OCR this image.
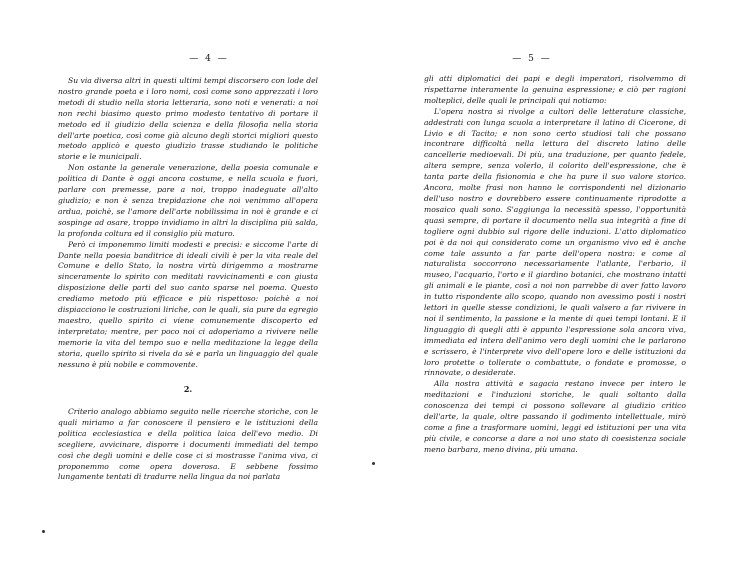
— 4 —

Su via diversa altri in questi ultimi tempi discorsero con lode del nostro grande poeta e i loro nomi, così come sono apprezzati i loro metodi di studio nella storia letteraria, sono noti e venerati: a noi non rechi biasimo questo primo modesto tentativo di portare il metodo ed il giudizio della scienza e della filosofia nella storia dell'arte poetica, così come già alcuno degli storici migliori questo metodo applicò e questo giudizio trasse studiando le politiche storie e le municipali.

Non ostante la generale venerazione, della poesia comunale e politica di Dante è oggi ancora costume, e nella scuola e fuori, parlare con premesse, pare a noi, troppo inadeguate all'alto giudizio; e non è senza trepidazione che noi venimmo all'opera ardua, poichè, se l'amore dell'arte nobilissima in noi è grande e ci sospinge ad osare, troppo invidiamo in altri la disciplina più salda, la profonda coltura ed il consiglio più maturo.

Però ci imponemmo limiti modesti e precisi: e siccome l'arte di Dante nella poesia banditrice di ideali civili è per la vita reale del Comune e dello Stato, la nostra virtù dirigemmo a mostrarne sinceramente lo spirito con meditati ravvicinamenti e con giusta disposizione delle parti del suo canto sparse nel poema. Questo crediamo metodo più efficace e più rispettoso: poichè a noi dispiacciono le costruzioni liriche, con le quali, sia pure da egregio maestro, quello spirito ci viene comunemente discoperto ed interpretato; mentre, per poco noi ci adoperiamo a rivivere nelle memorie la vita del tempo suo e nella meditazione la legge della storia, quello spirito si rivela da sè e parla un linguaggio del quale nessuno è più nobile e commovente.

2.

Criterio analogo abbiamo seguito nelle ricerche storiche, con le quali miriamo a far conoscere il pensiero e le istituzioni della politica ecclesiastica e della politica laica dell'evo medio. Di scegliere, avvicinare, disporre i documenti immediati del tempo così che degli uomini e delle cose ci si mostrasse l'anima viva, ci proponemmo come opera doverosa. E sebbene fossimo lungamente tentati di tradurre nella lingua da noi parlata

— 5 —

gli atti diplomatici dei papi e degli imperatori, risolvemmo di rispettarne interamente la genuina espressione; e ciò per ragioni molteplici, delle quali le principali qui notiamo:

L'opera nostra si rivolge a cultori delle letterature classiche, addestrati con lunga scuola a interpretare il latino di Cicerone, di Livio e di Tacito; e non sono certo studiosi tali che possano incontrare difficoltà nella lettura del discreto latino delle cancellerie medioevali. Di più, una traduzione, per quanto fedele, altera sempre, senza volerlo, il colorito dell'espressione, che è tanta parte della fisionomia e che ha pure il suo valore storico. Ancora, molte frasi non hanno le corrispondenti nel dizionario dell'uso nostro e dovrebbero essere continuamente riprodotte a mosaico quali sono. S'aggiunga la necessità spesso, l'opportunità quasi sempre, di portare il documento nella sua integrità a fine di togliere ogni dubbio sul rigore delle induzioni. L'atto diplomatico poi è da noi qui considerato come un organismo vivo ed è anche come tale assunto a far parte dell'opera nostra: e come al naturalista soccorrono necessariamente l'atlante, l'erbario, il museo, l'acquario, l'orto e il giardino botanici, che mostrano intatti gli animali e le piante, così a noi non parrebbe di aver fatto lavoro in tutto rispondente allo scopo, quando non avessimo posti i nostri lettori in quelle stesse condizioni, le quali valsero a far rivivere in noi il sentimento, la passione e la mente di quei tempi lontani. E il linguaggio di quegli atti è appunto l'espressione sola ancora viva, immediata ed intera dell'animo vero degli uomini che le parlarono e scrissero, è l'interprete vivo dell'opere loro e delle istituzioni da loro protette o tollerate o combattute, o fondate e promosse, o rinnovate, o desiderate.

Alla nostra attività e sagacia restano invece per intero le meditazioni e l'induzioni storiche, le quali soltanto dalla conoscenza dei tempi ci possono sollevare al giudizio critico dell'arte, la quale, oltre passando il godimento intellettuale, mirò come a fine a trasformare uomini, leggi ed istituzioni per una vita più civile, e concorse a dare a noi uno stato di coesistenza sociale meno barbara, meno divina, più umana.
